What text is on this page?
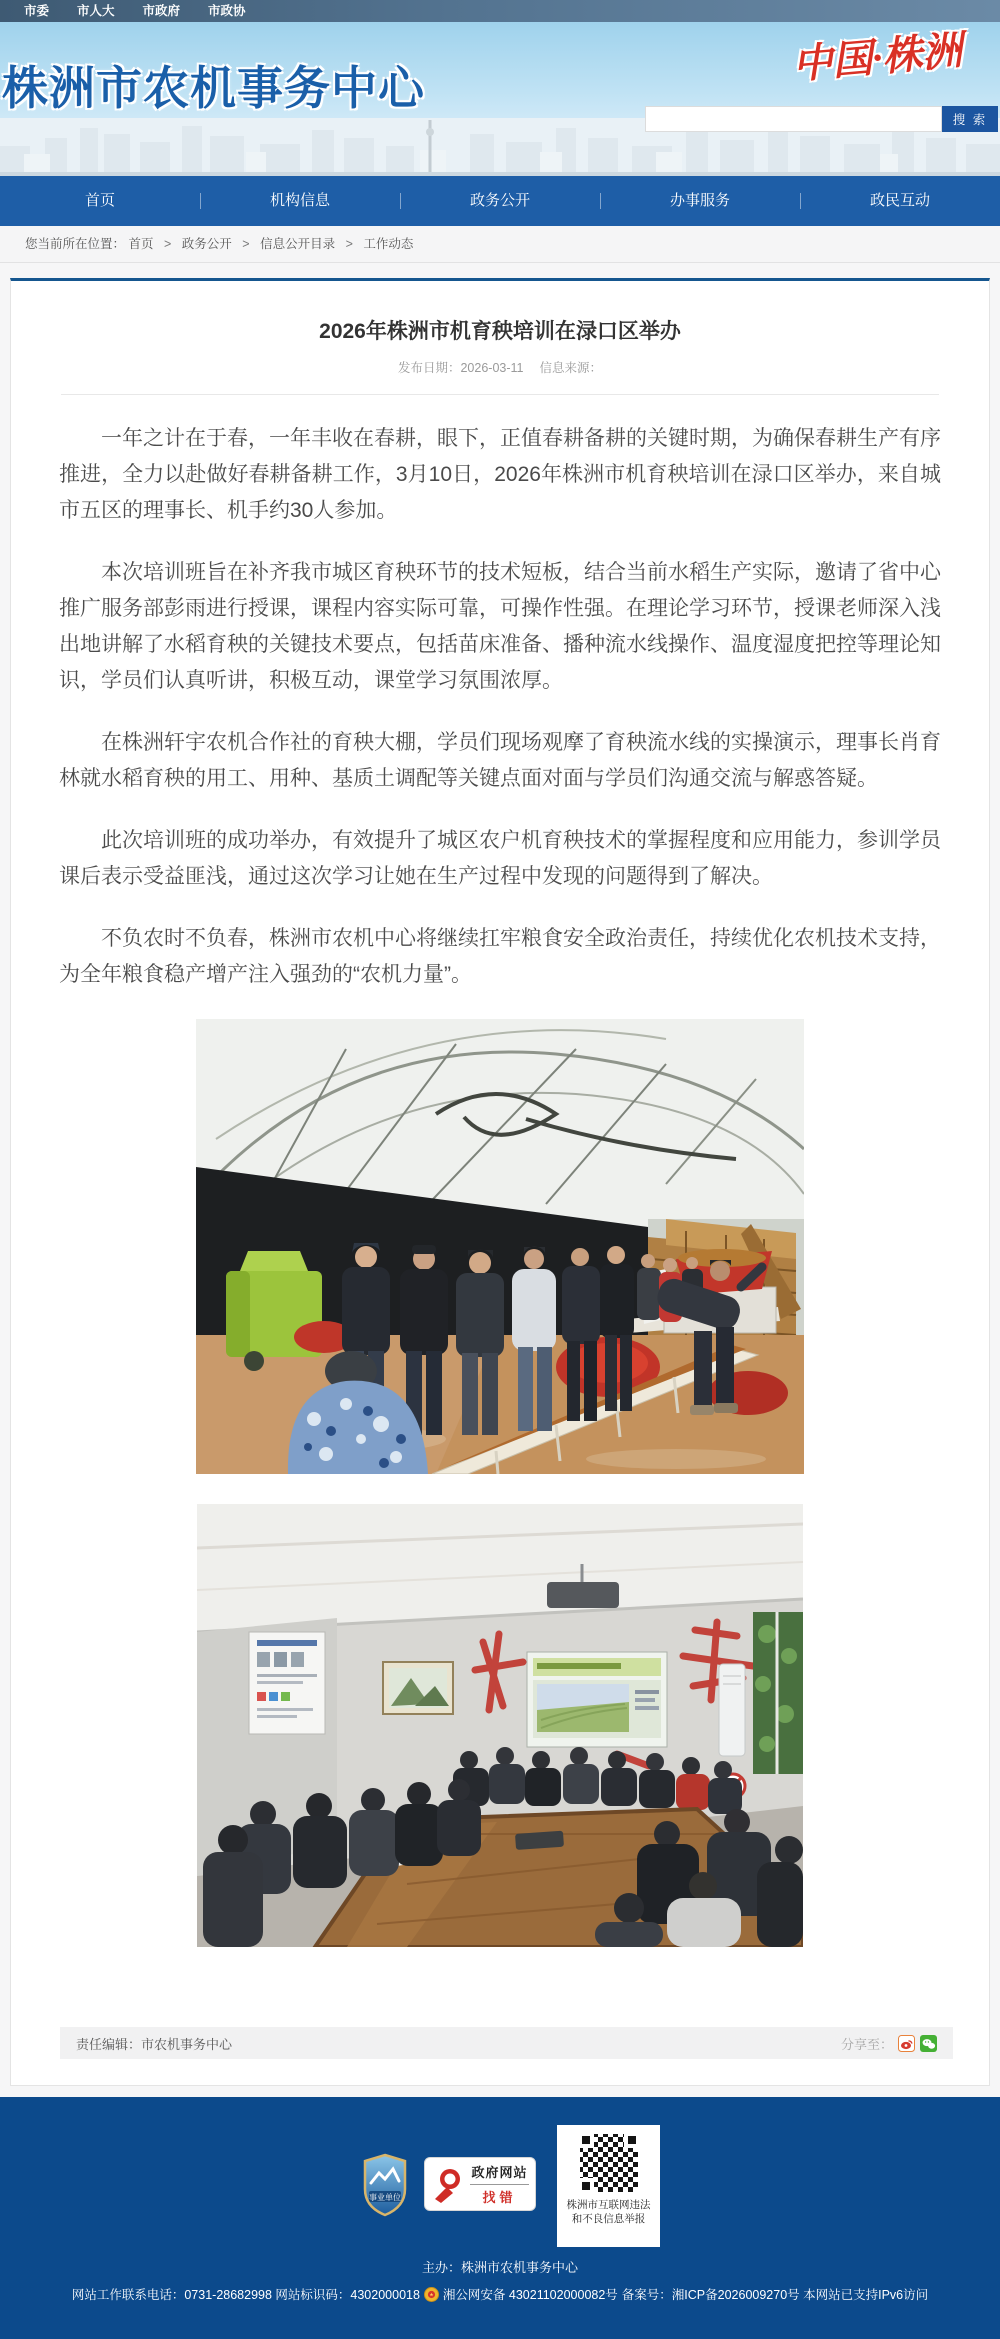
市委 市人大 市政府 市政协
株洲市农机事务中心
中国·株洲
搜 索
首页	机构信息	政务公开	办事服务	政民互动
您当前所在位置： 首页 > 政务公开 > 信息公开目录 > 工作动态
2026年株洲市机育秧培训在渌口区举办
发布日期：2026-03-11 信息来源：

一年之计在于春，一年丰收在春耕，眼下，正值春耕备耕的关键时期，为确保春耕生产有序推进，全力以赴做好春耕备耕工作，3月10日，2026年株洲市机育秧培训在渌口区举办，来自城市五区的理事长、机手约30人参加。

本次培训班旨在补齐我市城区育秧环节的技术短板，结合当前水稻生产实际，邀请了省中心推广服务部彭雨进行授课，课程内容实际可靠，可操作性强。在理论学习环节，授课老师深入浅出地讲解了水稻育秧的关键技术要点，包括苗床准备、播种流水线操作、温度湿度把控等理论知识，学员们认真听讲，积极互动，课堂学习氛围浓厚。

在株洲轩宇农机合作社的育秧大棚，学员们现场观摩了育秧流水线的实操演示，理事长肖育林就水稻育秧的用工、用种、基质土调配等关键点面对面与学员们沟通交流与解惑答疑。

此次培训班的成功举办，有效提升了城区农户机育秧技术的掌握程度和应用能力，参训学员课后表示受益匪浅，通过这次学习让她在生产过程中发现的问题得到了解决。

不负农时不负春，株洲市农机中心将继续扛牢粮食安全政治责任，持续优化农机技术支持，为全年粮食稳产增产注入强劲的“农机力量”。

责任编辑：市农机事务中心	分享至：
事业单位
政府网站
找错	株洲市互联网违法
和不良信息举报
主办：株洲市农机事务中心
网站工作联系电话：0731-28682998 网站标识码：4302000018 湘公网安备 43021102000082号 备案号：湘ICP备2026009270号 本网站已支持IPv6访问
